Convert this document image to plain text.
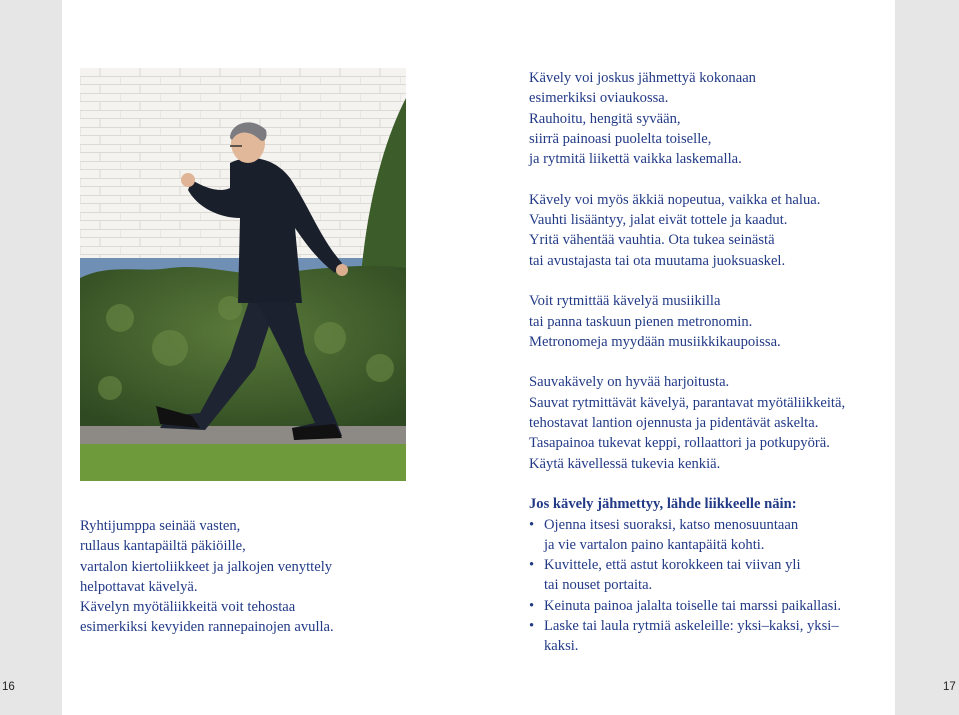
Ryhtijumppa seinää vasten,
rullaus kantapäiltä päkiöille,
vartalon kiertoliikkeet ja jalkojen venyttely
helpottavat kävelyä.
Kävelyn myötäliikkeitä voit tehostaa
esimerkiksi kevyiden rannepainojen avulla.
Kävely voi joskus jähmettyä kokonaan
esimerkiksi oviaukossa.
Rauhoitu, hengitä syvään,
siirrä painoasi puolelta toiselle,
ja rytmitä liikettä vaikka laskemalla.
Kävely voi myös äkkiä nopeutua, vaikka et halua.
Vauhti lisääntyy, jalat eivät tottele ja kaadut.
Yritä vähentää vauhtia. Ota tukea seinästä
tai avustajasta tai ota muutama juoksuaskel.
Voit rytmittää kävelyä musiikilla
tai panna taskuun pienen metronomin.
Metronomeja myydään musiikkikaupoissa.
Sauvakävely on hyvää harjoitusta.
Sauvat rytmittävät kävelyä, parantavat myötäliikkeitä,
tehostavat lantion ojennusta ja pidentävät askelta.
Tasapainoa tukevat keppi, rollaattori ja potkupyörä.
Käytä kävellessä tukevia kenkiä.
Jos kävely jähmettyy, lähde liikkeelle näin:
• Ojenna itsesi suoraksi, katso menosuuntaan
ja vie vartalon paino kantapäitä kohti.
• Kuvittele, että astut korokkeen tai viivan yli
tai nouset portaita.
• Keinuta painoa jalalta toiselle tai marssi paikallasi.
• Laske tai laula rytmiä askeleille: yksi–kaksi, yksi–
kaksi.
16	17
